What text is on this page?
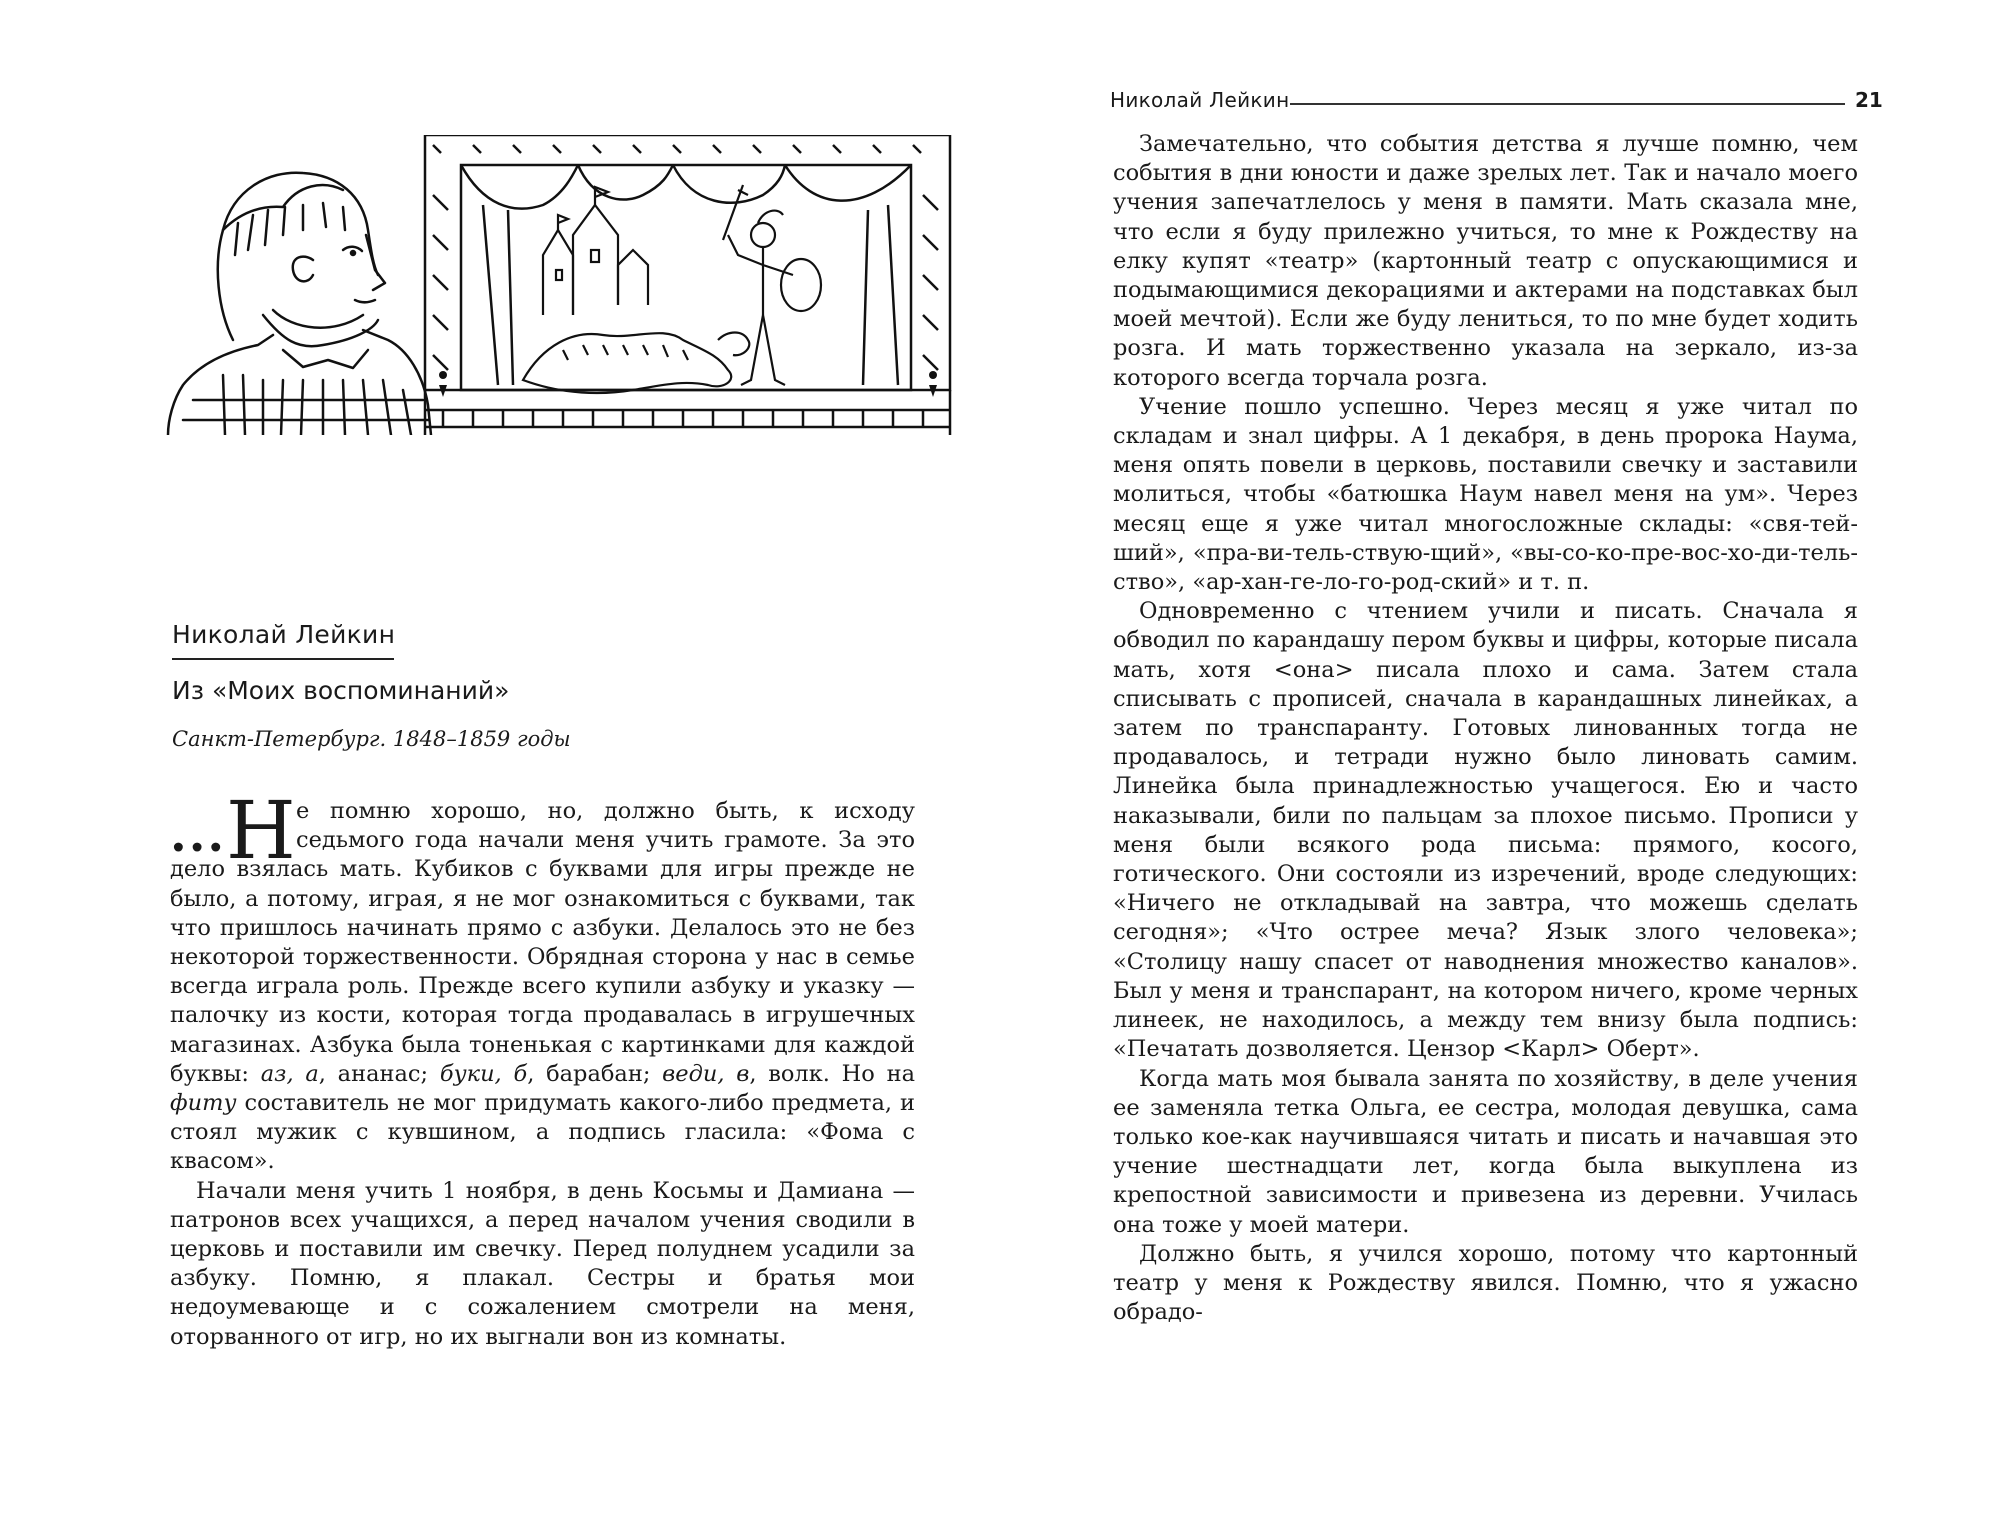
Николай Лейкин
Из «Моих воспоминаний»
Санкт-Петербург. 1848–1859 годы

... Н е помню хорошо, но, должно быть, к исходу седьмого года начали меня учить грамоте. За это дело взялась мать. Кубиков с буквами для игры прежде не было, а потому, играя, я не мог ознакомиться с буквами, так что пришлось начинать прямо с азбуки. Делалось это не без некоторой торжественности. Обрядная сторона у нас в семье всегда играла роль. Прежде всего купили азбуку и указку — палочку из кости, которая тогда продавалась в игрушечных магазинах. Азбука была тоненькая с картинками для каждой буквы: аз, а, ананас; буки, б, барабан; веди, в, волк. Но на фиту составитель не мог придумать какого-либо предмета, и стоял мужик с кувшином, а подпись гласила: «Фома с квасом».

Начали меня учить 1 ноября, в день Косьмы и Дамиана — патронов всех учащихся, а перед началом учения сводили в церковь и поставили им свечку. Перед полуднем усадили за азбуку. Помню, я плакал. Сестры и братья мои недоумевающе и с сожалением смотрели на меня, оторванного от игр, но их выгнали вон из комнаты.

Николай Лейкин	21

Замечательно, что события детства я лучше помню, чем события в дни юности и даже зрелых лет. Так и начало моего учения запечатлелось у меня в памяти. Мать сказала мне, что если я буду прилежно учиться, то мне к Рождеству на елку купят «театр» (картонный театр с опускающимися и подымающимися декорациями и актерами на подставках был моей мечтой). Если же буду лениться, то по мне будет ходить розга. И мать торжественно указала на зеркало, из-за которого всегда торчала розга.

Учение пошло успешно. Через месяц я уже читал по складам и знал цифры. А 1 декабря, в день пророка Наума, меня опять повели в церковь, поставили свечку и заставили молиться, чтобы «батюшка Наум навел меня на ум». Через месяц еще я уже читал многосложные склады: «свя-тей-ший», «пра-ви-тель-ствую-щий», «вы-со-ко-пре-вос-хо-ди-тель-ство», «ар-хан-ге-ло-го-род-ский» и т. п.

Одновременно с чтением учили и писать. Сначала я обводил по карандашу пером буквы и цифры, которые писала мать, хотя <она> писала плохо и сама. Затем стала списывать с прописей, сначала в карандашных линейках, а затем по транспаранту. Готовых линованных тогда не продавалось, и тетради нужно было линовать самим. Линейка была принадлежностью учащегося. Ею и часто наказывали, били по пальцам за плохое письмо. Прописи у меня были всякого рода письма: прямого, косого, готического. Они состояли из изречений, вроде следующих: «Ничего не откладывай на завтра, что можешь сделать сегодня»; «Что острее меча? Язык злого человека»; «Столицу нашу спасет от наводнения множество каналов». Был у меня и транспарант, на котором ничего, кроме черных линеек, не находилось, а между тем внизу была подпись: «Печатать дозволяется. Цензор <Карл> Оберт».

Когда мать моя бывала занята по хозяйству, в деле учения ее заменяла тетка Ольга, ее сестра, молодая девушка, сама только кое-как научившаяся читать и писать и начавшая это учение шестнадцати лет, когда была выкуплена из крепостной зависимости и привезена из деревни. Училась она тоже у моей матери.

Должно быть, я учился хорошо, потому что картонный театр у меня к Рождеству явился. Помню, что я ужасно обрадо-
